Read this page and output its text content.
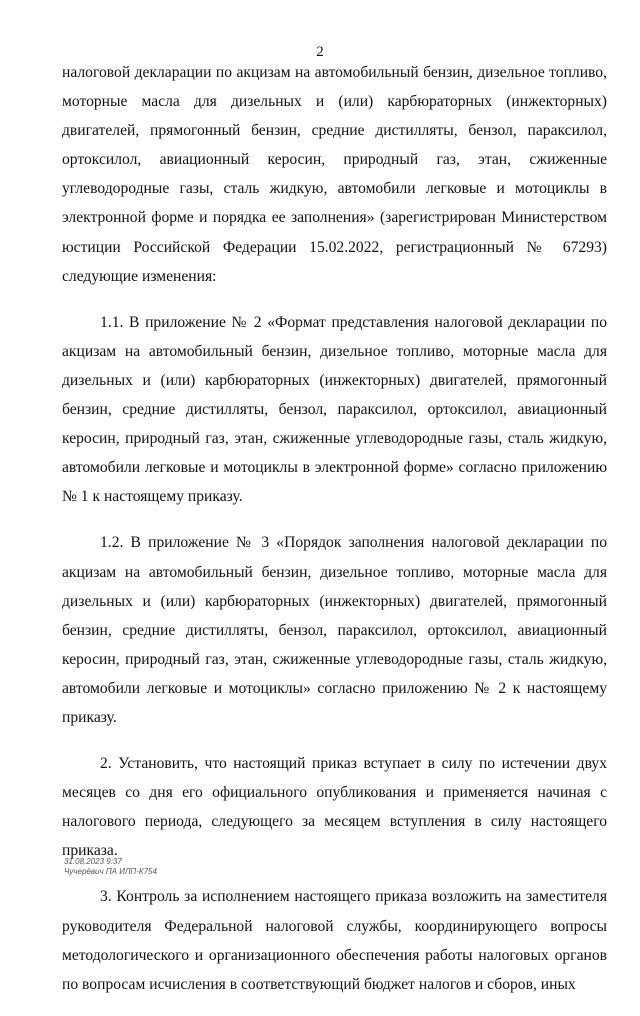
2

налоговой декларации по акцизам на автомобильный бензин, дизельное топливо, моторные масла для дизельных и (или) карбюраторных (инжекторных) двигателей, прямогонный бензин, средние дистилляты, бензол, параксилол, ортоксилол, авиационный керосин, природный газ, этан, сжиженные углеводородные газы, сталь жидкую, автомобили легковые и мотоциклы в электронной форме и порядка ее заполнения» (зарегистрирован Министерством юстиции Российской Федерации 15.02.2022, регистрационный № 67293) следующие изменения:

1.1. В приложение № 2 «Формат представления налоговой декларации по акцизам на автомобильный бензин, дизельное топливо, моторные масла для дизельных и (или) карбюраторных (инжекторных) двигателей, прямогонный бензин, средние дистилляты, бензол, параксилол, ортоксилол, авиационный керосин, природный газ, этан, сжиженные углеводородные газы, сталь жидкую, автомобили легковые и мотоциклы в электронной форме» согласно приложению № 1 к настоящему приказу.

1.2. В приложение № 3 «Порядок заполнения налоговой декларации по акцизам на автомобильный бензин, дизельное топливо, моторные масла для дизельных и (или) карбюраторных (инжекторных) двигателей, прямогонный бензин, средние дистилляты, бензол, параксилол, ортоксилол, авиационный керосин, природный газ, этан, сжиженные углеводородные газы, сталь жидкую, автомобили легковые и мотоциклы» согласно приложению № 2 к настоящему приказу.

2. Установить, что настоящий приказ вступает в силу по истечении двух месяцев со дня его официального опубликования и применяется начиная с налогового периода, следующего за месяцем вступления в силу настоящего приказа.

3. Контроль за исполнением настоящего приказа возложить на заместителя руководителя Федеральной налоговой службы, координирующего вопросы методологического и организационного обеспечения работы налоговых органов по вопросам исчисления в соответствующий бюджет налогов и сборов, иных

31.08.2023 9:37
Чучерёвич ПА ИЛП-К754
